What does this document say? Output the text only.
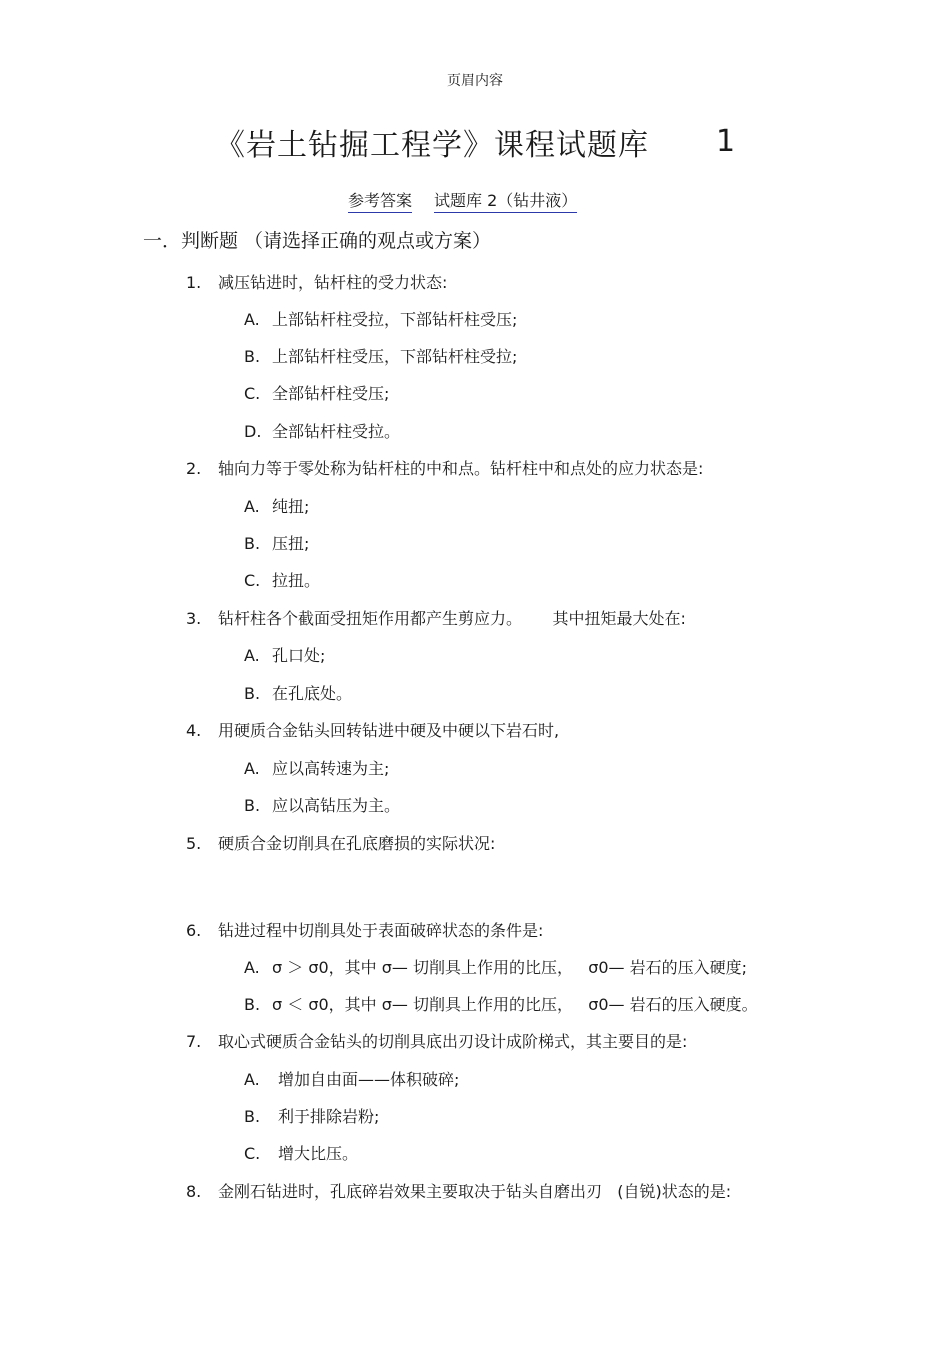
页眉内容
《岩土钻掘工程学》课程试题库 1
参考答案 试题库 2（钻井液）
一．判断题 （请选择正确的观点或方案）
1. 减压钻进时，钻杆柱的受力状态:
A. 上部钻杆柱受拉，下部钻杆柱受压;
B. 上部钻杆柱受压，下部钻杆柱受拉;
C. 全部钻杆柱受压;
D. 全部钻杆柱受拉。
2. 轴向力等于零处称为钻杆柱的中和点。钻杆柱中和点处的应力状态是:
A. 纯扭;
B. 压扭;
C. 拉扭。
3. 钻杆柱各个截面受扭矩作用都产生剪应力。      其中扭矩最大处在:
A. 孔口处;
B. 在孔底处。
4. 用硬质合金钻头回转钻进中硬及中硬以下岩石时,
A. 应以高转速为主;
B. 应以高钻压为主。
5. 硬质合金切削具在孔底磨损的实际状况:
6. 钻进过程中切削具处于表面破碎状态的条件是:
A. σ ＞ σ0，其中 σ— 切削具上作用的比压，   σ0— 岩石的压入硬度;
B. σ ＜ σ0，其中 σ— 切削具上作用的比压，   σ0— 岩石的压入硬度。
7. 取心式硬质合金钻头的切削具底出刃设计成阶梯式，其主要目的是:
A. 增加自由面——体积破碎;
B. 利于排除岩粉;
C. 增大比压。
8. 金刚石钻进时，孔底碎岩效果主要取决于钻头自磨出刃   (自锐)状态的是:
